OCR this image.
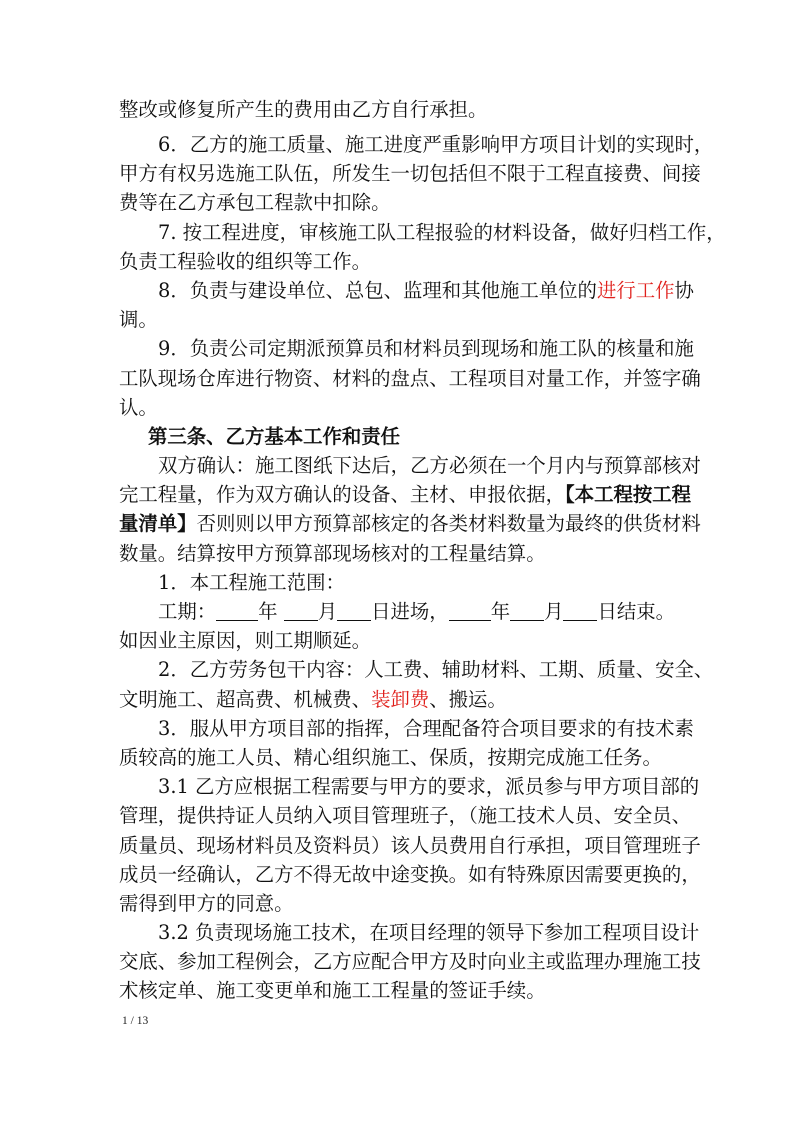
整改或修复所产生的费用由乙方自行承担。
6．乙方的施工质量、施工进度严重影响甲方项目计划的实现时，
甲方有权另选施工队伍，所发生一切包括但不限于工程直接费、间接
费等在乙方承包工程款中扣除。
7. 按工程进度，审核施工队工程报验的材料设备，做好归档工作，
负责工程验收的组织等工作。
8．负责与建设单位、总包、监理和其他施工单位的进行工作协
调。
9．负责公司定期派预算员和材料员到现场和施工队的核量和施
工队现场仓库进行物资、材料的盘点、工程项目对量工作，并签字确
认。
第三条、乙方基本工作和责任
双方确认：施工图纸下达后，乙方必须在一个月内与预算部核对
完工程量，作为双方确认的设备、主材、申报依据，【本工程按工程
量清单】否则则以甲方预算部核定的各类材料数量为最终的供货材料
数量。结算按甲方预算部现场核对的工程量结算。
1．本工程施工范围：
工期： 年 月 日进场， 年 月 日结束。
如因业主原因，则工期顺延。
2．乙方劳务包干内容：人工费、辅助材料、工期、质量、安全、
文明施工、超高费、机械费、装卸费、搬运。
3．服从甲方项目部的指挥，合理配备符合项目要求的有技术素
质较高的施工人员、精心组织施工、保质，按期完成施工任务。
3.1 乙方应根据工程需要与甲方的要求，派员参与甲方项目部的
管理，提供持证人员纳入项目管理班子，（施工技术人员、安全员、
质量员、现场材料员及资料员）该人员费用自行承担，项目管理班子
成员一经确认，乙方不得无故中途变换。如有特殊原因需要更换的，
需得到甲方的同意。
3.2 负责现场施工技术，在项目经理的领导下参加工程项目设计
交底、参加工程例会，乙方应配合甲方及时向业主或监理办理施工技
术核定单、施工变更单和施工工程量的签证手续。
1 / 13
